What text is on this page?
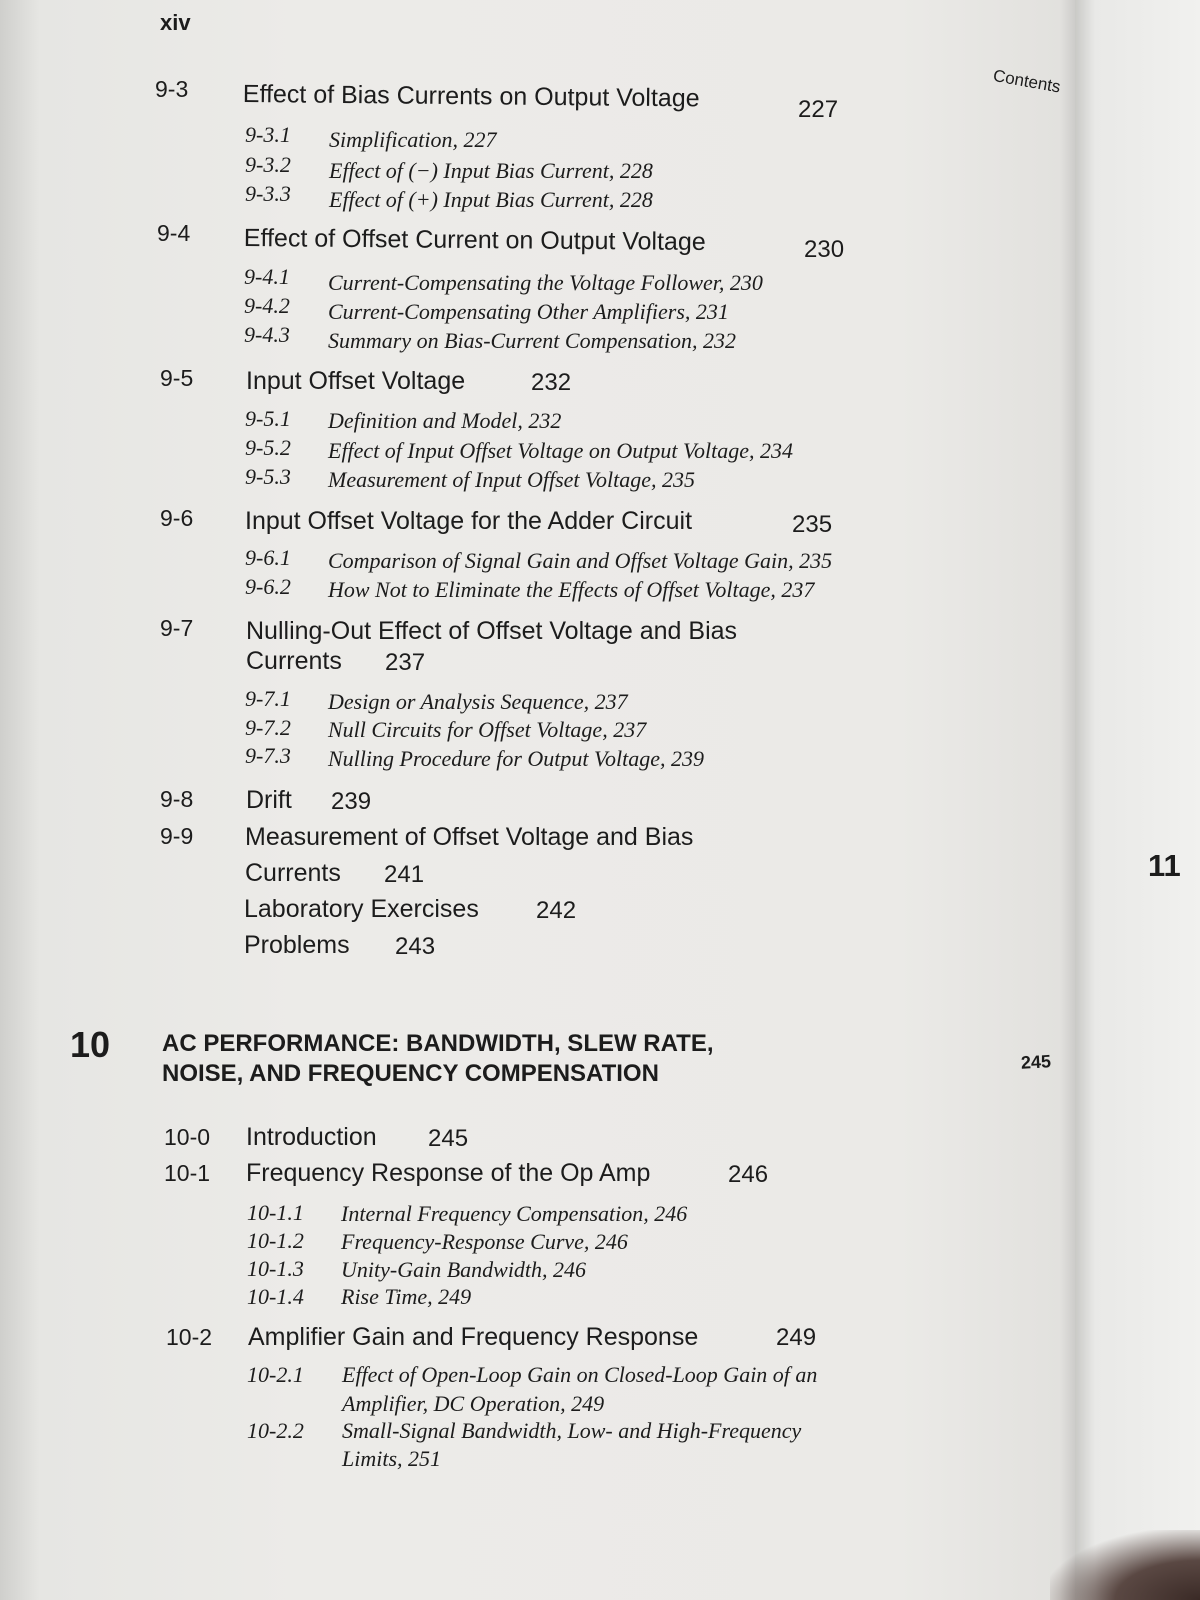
xiv
Contents
11
245
9-3 Effect of Bias Currents on Output Voltage	227
9-3.1 Simplification, 227
9-3.2 Effect of (−) Input Bias Current, 228
9-3.3 Effect of (+) Input Bias Current, 228
9-4 Effect of Offset Current on Output Voltage	230
9-4.1 Current-Compensating the Voltage Follower, 230
9-4.2 Current-Compensating Other Amplifiers, 231
9-4.3 Summary on Bias-Current Compensation, 232
9-5 Input Offset Voltage	232
9-5.1 Definition and Model, 232
9-5.2 Effect of Input Offset Voltage on Output Voltage, 234
9-5.3 Measurement of Input Offset Voltage, 235
9-6 Input Offset Voltage for the Adder Circuit	235
9-6.1 Comparison of Signal Gain and Offset Voltage Gain, 235
9-6.2 How Not to Eliminate the Effects of Offset Voltage, 237
9-7 Nulling-Out Effect of Offset Voltage and Bias
Currents 237
9-7.1 Design or Analysis Sequence, 237
9-7.2 Null Circuits for Offset Voltage, 237
9-7.3 Nulling Procedure for Output Voltage, 239
9-8 Drift 239
9-9 Measurement of Offset Voltage and Bias
Currents 241
Laboratory Exercises 242
Problems 243
10 AC PERFORMANCE: BANDWIDTH, SLEW RATE,
NOISE, AND FREQUENCY COMPENSATION
10-0 Introduction 245
10-1 Frequency Response of the Op Amp	246
10-1.1 Internal Frequency Compensation, 246
10-1.2 Frequency-Response Curve, 246
10-1.3 Unity-Gain Bandwidth, 246
10-1.4 Rise Time, 249
10-2 Amplifier Gain and Frequency Response	249
10-2.1 Effect of Open-Loop Gain on Closed-Loop Gain of an
Amplifier, DC Operation, 249
10-2.2 Small-Signal Bandwidth, Low- and High-Frequency
Limits, 251
